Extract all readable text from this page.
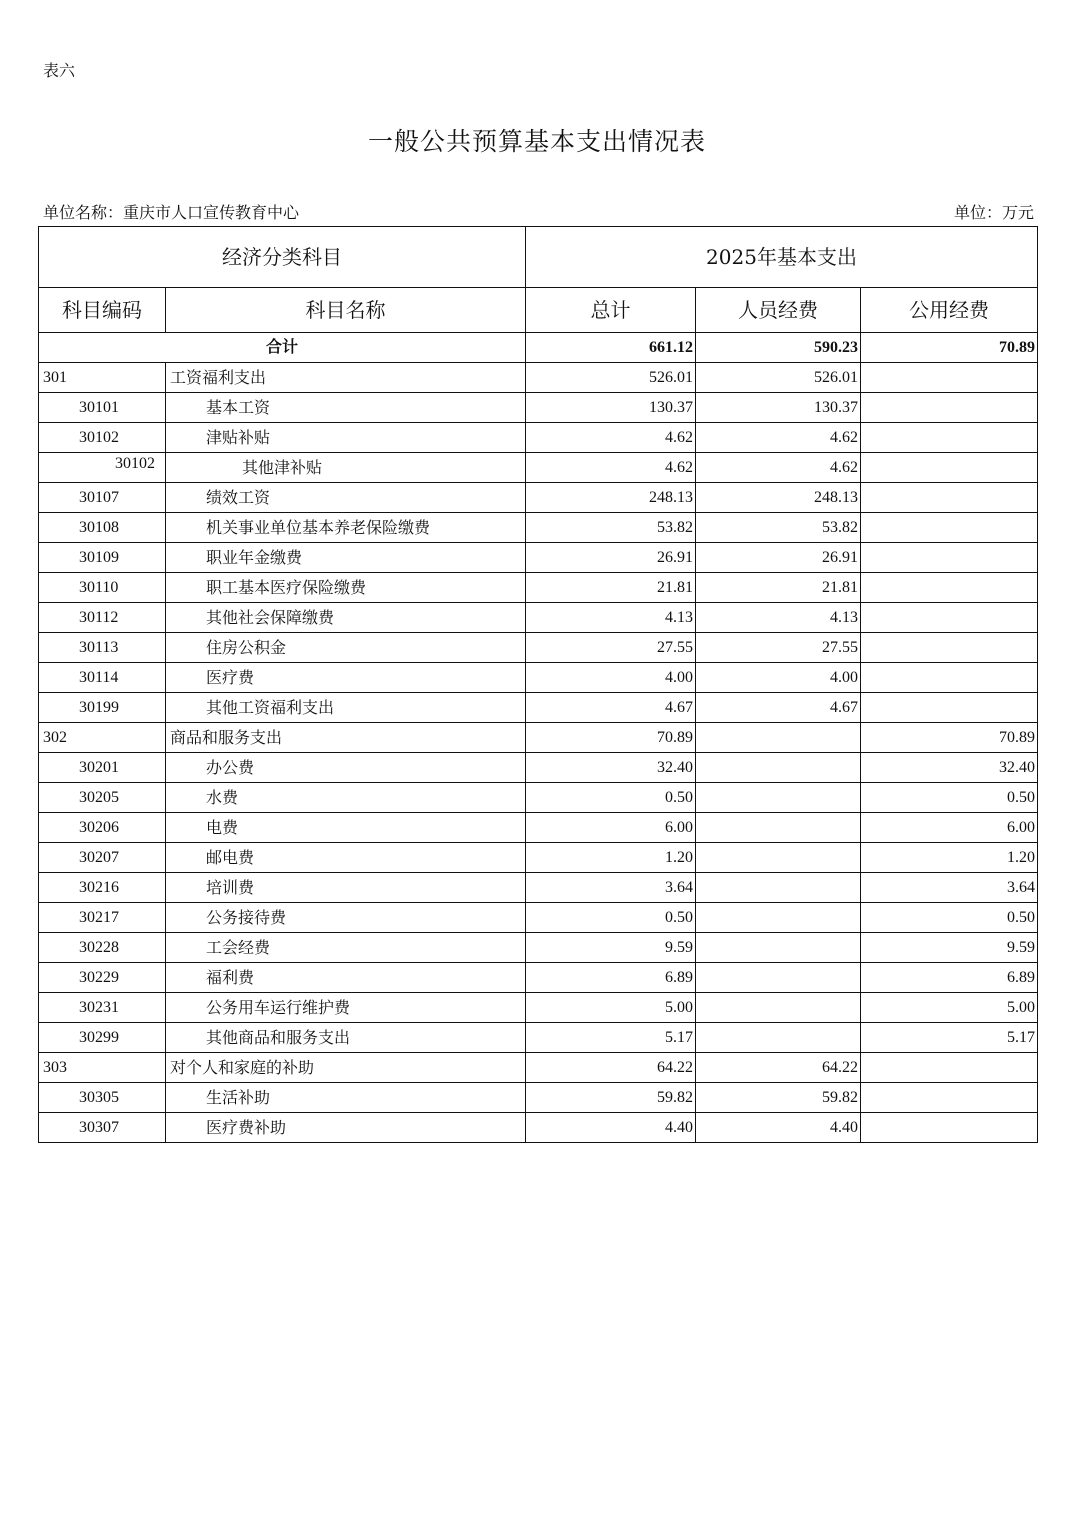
表六
一般公共预算基本支出情况表
单位名称：重庆市人口宣传教育中心	单位：万元
经济分类科目		2025年基本支出		
科目编码	科目名称	总计	人员经费	公用经费
合计		661.12	590.23	70.89
301	工资福利支出	526.01	526.01	
30101	基本工资	130.37	130.37	
30102	津贴补贴	4.62	4.62	
30102	其他津补贴	4.62	4.62	
30107	绩效工资	248.13	248.13	
30108	机关事业单位基本养老保险缴费	53.82	53.82	
30109	职业年金缴费	26.91	26.91	
30110	职工基本医疗保险缴费	21.81	21.81	
30112	其他社会保障缴费	4.13	4.13	
30113	住房公积金	27.55	27.55	
30114	医疗费	4.00	4.00	
30199	其他工资福利支出	4.67	4.67	
302	商品和服务支出	70.89		70.89
30201	办公费	32.40		32.40
30205	水费	0.50		0.50
30206	电费	6.00		6.00
30207	邮电费	1.20		1.20
30216	培训费	3.64		3.64
30217	公务接待费	0.50		0.50
30228	工会经费	9.59		9.59
30229	福利费	6.89		6.89
30231	公务用车运行维护费	5.00		5.00
30299	其他商品和服务支出	5.17		5.17
303	对个人和家庭的补助	64.22	64.22	
30305	生活补助	59.82	59.82	
30307	医疗费补助	4.40	4.40	
